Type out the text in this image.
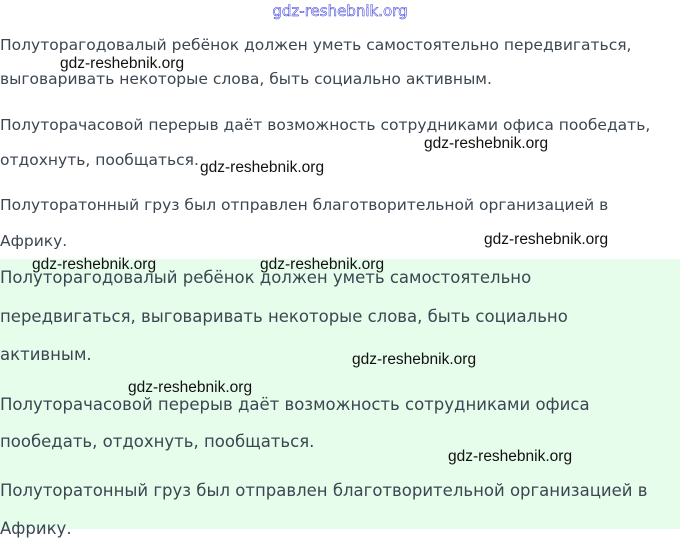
gdz-reshebnik.org

Полуторагодовалый ребёнок должен уметь самостоятельно передвигаться,

выговаривать некоторые слова, быть социально активным.

Полуторачасовой перерыв даёт возможность сотрудниками офиса пообедать,

отдохнуть, пообщаться.

Полуторатонный груз был отправлен благотворительной организацией в

Африку.

Полуторагодовалый ребёнок должен уметь самостоятельно

передвигаться, выговаривать некоторые слова, быть социально

активным.

Полуторачасовой перерыв даёт возможность сотрудниками офиса

пообедать, отдохнуть, пообщаться.

Полуторатонный груз был отправлен благотворительной организацией в

Африку.

gdz-reshebnik.org
gdz-reshebnik.org
gdz-reshebnik.org
gdz-reshebnik.org
gdz-reshebnik.org	gdz-reshebnik.org
gdz-reshebnik.org
gdz-reshebnik.org
gdz-reshebnik.org
